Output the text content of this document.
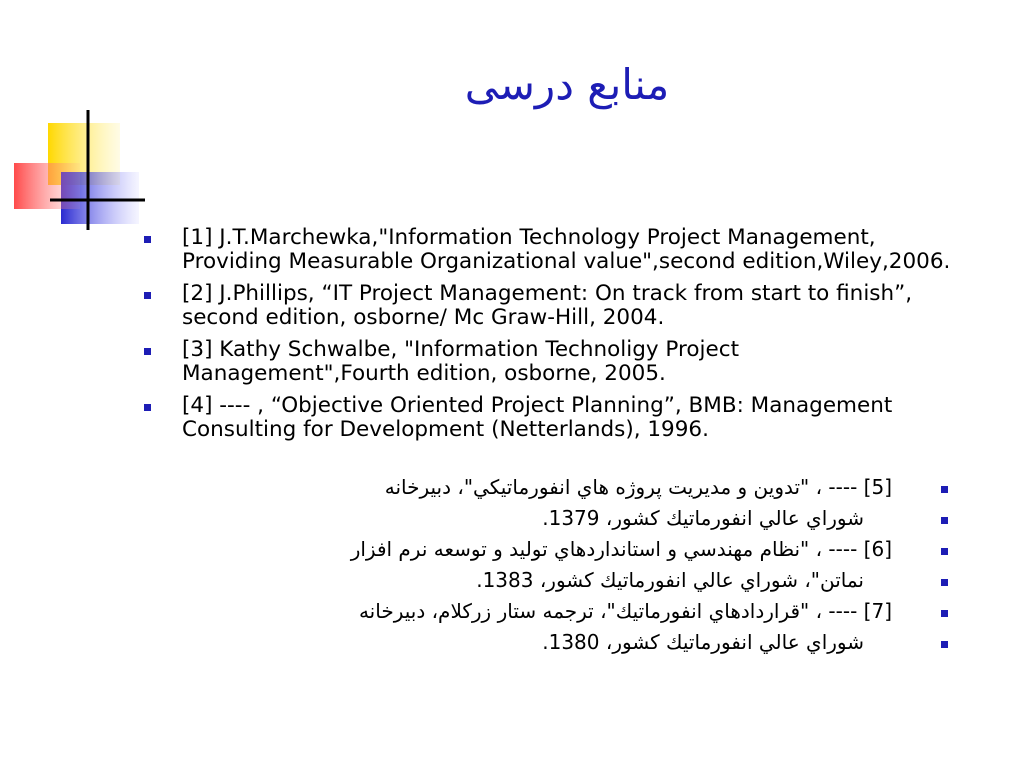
منابع درسی
[1] J.T.Marchewka,"Information Technology Project Management, Providing Measurable Organizational value",second edition,Wiley,2006.
[2] J.Phillips, “IT Project Management: On track from start to finish”, second edition, osborne/ Mc Graw-Hill, 2004.
[3] Kathy Schwalbe, "Information Technoligy Project Management",Fourth edition, osborne, 2005.
[4] ---- , “Objective Oriented Project Planning”, BMB: Management Consulting for Development (Netterlands), 1996.
[5] ---- ، "تدوين و مديريت پروژه هاي انفورماتيكي"، دبيرخانه
شوراي عالي انفورماتيك كشور، 1379.
[6] ---- ، "نظام مهندسي و استانداردهاي توليد و توسعه نرم افزار
نماتن"، شوراي عالي انفورماتيك كشور، 1383.
[7] ---- ، "قراردادهاي انفورماتيك"، ترجمه ستار زركلام، دبيرخانه
شوراي عالي انفورماتيك كشور، 1380.
